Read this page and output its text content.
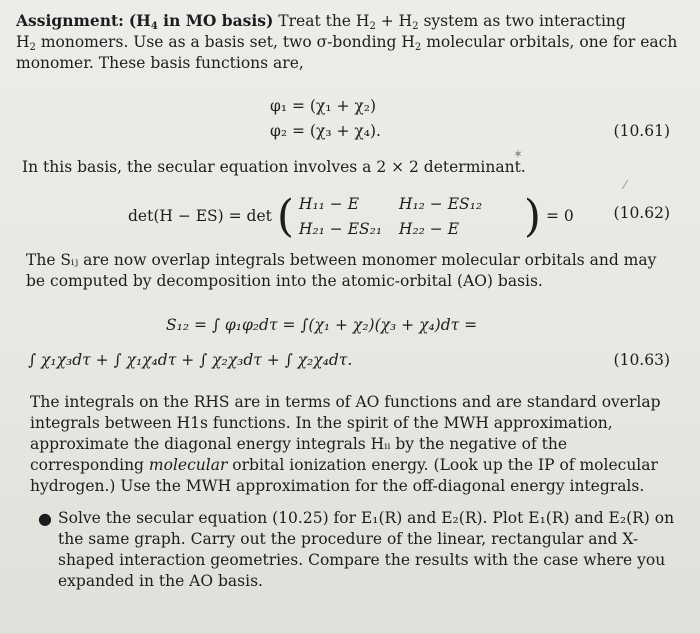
Assignment: ($H_4$ in MO basis) Treat the $H_2 + H_2$ system as two interacting
$H_2$ monomers. Use as a basis set, two σ-bonding $H_2$ molecular orbitals, one for each
monomer. These basis functions are,
φ₁ = (χ₁ + χ₂)
φ₂ = (χ₃ + χ₄).	(10.61)
In this basis, the secular equation involves a 2 × 2 determinant.
det(H − ES) = det ( H₁₁ − E	H₁₂ − ES₁₂
H₂₁ − ES₂₁	H₂₂ − E	) = 0	(10.62)
The Sᵢⱼ are now overlap integrals between monomer molecular orbitals and may be computed by decomposition into the atomic-orbital (AO) basis.
S₁₂ = ∫ φ₁φ₂dτ = ∫(χ₁ + χ₂)(χ₃ + χ₄)dτ =
∫ χ₁χ₃dτ + ∫ χ₁χ₄dτ + ∫ χ₂χ₃dτ + ∫ χ₂χ₄dτ.	(10.63)
The integrals on the RHS are in terms of AO functions and are standard overlap integrals between H1s functions. In the spirit of the MWH approximation, approximate the diagonal energy integrals Hᵢᵢ by the negative of the corresponding molecular orbital ionization energy. (Look up the IP of molecular hydrogen.) Use the MWH approximation for the off-diagonal energy integrals.
● Solve the secular equation (10.25) for E₁(R) and E₂(R). Plot E₁(R) and E₂(R) on the same graph. Carry out the procedure of the linear, rectangular and X-shaped interaction geometries. Compare the results with the case where you expanded in the AO basis.
✶
⁄
